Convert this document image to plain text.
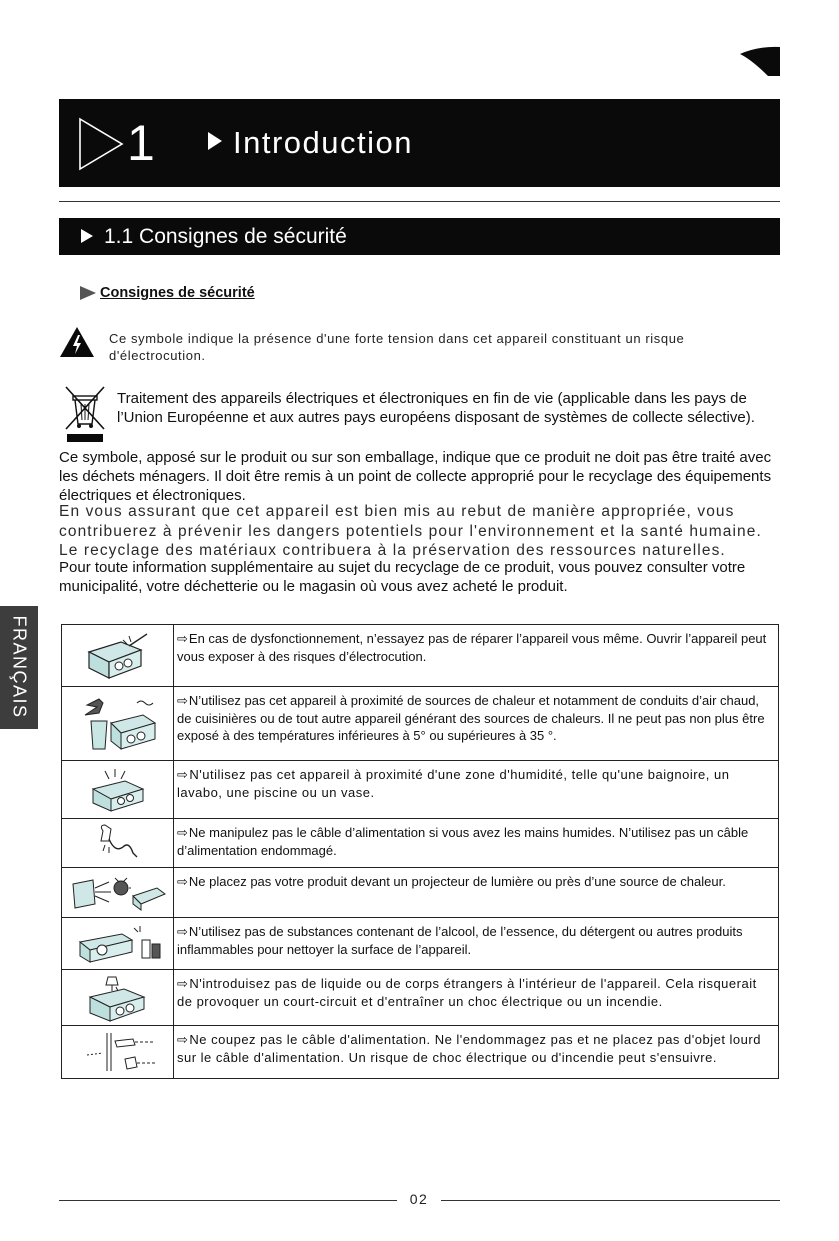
1	Introduction
1.1 Consignes de sécurité
Consignes de sécurité
Ce symbole indique la présence d'une forte tension dans cet appareil constituant un risque d'électrocution.
Traitement des appareils électriques et électroniques en fin de vie (applicable dans les pays de l’Union Européenne et aux autres pays européens disposant de systèmes de collecte sélective).
Ce symbole, apposé sur le produit ou sur son emballage, indique que ce produit ne doit pas être traité avec les déchets ménagers. Il doit être remis à un point de collecte approprié pour le recyclage des équipements électriques et électroniques.
En vous assurant que cet appareil est bien mis au rebut de manière appropriée, vous contribuerez à prévenir les dangers potentiels pour l'environnement et la santé humaine. Le recyclage des matériaux contribuera à la préservation des ressources naturelles.
Pour toute information supplémentaire au sujet du recyclage de ce produit, vous pouvez consulter votre municipalité, votre déchetterie ou le magasin où vous avez acheté le produit.
FRANÇAIS	⇨En cas de dysfonctionnement, n’essayez pas de réparer l’appareil vous même. Ouvrir l’appareil peut vous exposer à des risques d’électrocution.
⇨N’utilisez pas cet appareil à proximité de sources de chaleur et notamment de conduits d’air chaud, de cuisinières ou de tout autre appareil générant des sources de chaleurs. Il ne peut pas non plus être exposé à des températures inférieures à 5° ou supérieures à 35 °.
⇨N'utilisez pas cet appareil à proximité d'une zone d'humidité, telle qu'une baignoire, un lavabo, une piscine ou un vase.
⇨Ne manipulez pas le câble d’alimentation si vous avez les mains humides. N’utilisez pas un câble d’alimentation endommagé.
⇨Ne placez pas votre produit devant un projecteur de lumière ou près d’une source de chaleur.
⇨N’utilisez pas de substances contenant de l’alcool, de l’essence, du détergent ou autres produits inflammables pour nettoyer la surface de l’appareil.
⇨N'introduisez pas de liquide ou de corps étrangers à l'intérieur de l'appareil. Cela risquerait de provoquer un court-circuit et d'entraîner un choc électrique ou un incendie.
⇨Ne coupez pas le câble d'alimentation. Ne l'endommagez pas et ne placez pas d'objet lourd sur le câble d'alimentation. Un risque de choc électrique ou d'incendie peut s'ensuivre.
02
